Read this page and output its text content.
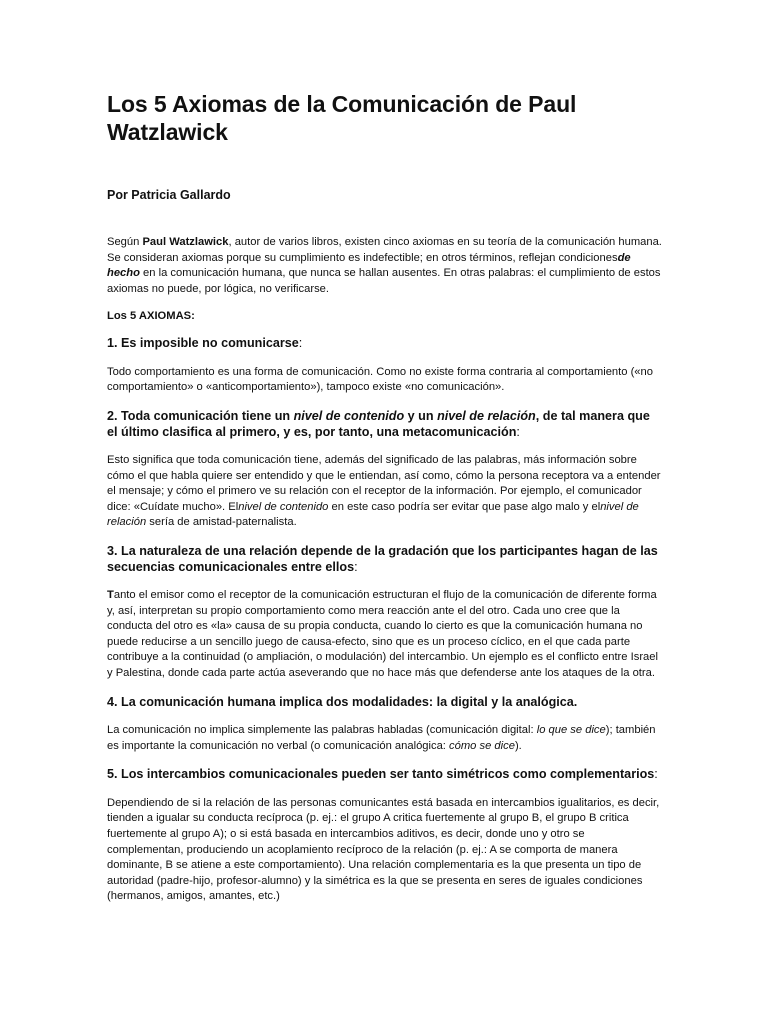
Los 5 Axiomas de la Comunicación de Paul Watzlawick
Por Patricia Gallardo

Según Paul Watzlawick, autor de varios libros, existen cinco axiomas en su teoría de la comunicación humana. Se consideran axiomas porque su cumplimiento es indefectible; en otros términos, reflejan condicionesde hecho en la comunicación humana, que nunca se hallan ausentes. En otras palabras: el cumplimiento de estos axiomas no puede, por lógica, no verificarse.

Los 5 AXIOMAS:
1. Es imposible no comunicarse:

Todo comportamiento es una forma de comunicación. Como no existe forma contraria al comportamiento («no comportamiento» o «anticomportamiento»), tampoco existe «no comunicación».

2. Toda comunicación tiene un nivel de contenido y un nivel de relación, de tal manera que el último clasifica al primero, y es, por tanto, una metacomunicación:

Esto significa que toda comunicación tiene, además del significado de las palabras, más información sobre cómo el que habla quiere ser entendido y que le entiendan, así como, cómo la persona receptora va a entender el mensaje; y cómo el primero ve su relación con el receptor de la información. Por ejemplo, el comunicador dice: «Cuídate mucho». Elnivel de contenido en este caso podría ser evitar que pase algo malo y elnivel de relación sería de amistad-paternalista.

3. La naturaleza de una relación depende de la gradación que los participantes hagan de las secuencias comunicacionales entre ellos:

Tanto el emisor como el receptor de la comunicación estructuran el flujo de la comunicación de diferente forma y, así, interpretan su propio comportamiento como mera reacción ante el del otro. Cada uno cree que la conducta del otro es «la» causa de su propia conducta, cuando lo cierto es que la comunicación humana no puede reducirse a un sencillo juego de causa-efecto, sino que es un proceso cíclico, en el que cada parte contribuye a la continuidad (o ampliación, o modulación) del intercambio. Un ejemplo es el conflicto entre Israel y Palestina, donde cada parte actúa aseverando que no hace más que defenderse ante los ataques de la otra.

4. La comunicación humana implica dos modalidades: la digital y la analógica.

La comunicación no implica simplemente las palabras habladas (comunicación digital: lo que se dice); también es importante la comunicación no verbal (o comunicación analógica: cómo se dice).

5. Los intercambios comunicacionales pueden ser tanto simétricos como complementarios:

Dependiendo de si la relación de las personas comunicantes está basada en intercambios igualitarios, es decir, tienden a igualar su conducta recíproca (p. ej.: el grupo A critica fuertemente al grupo B, el grupo B critica fuertemente al grupo A); o si está basada en intercambios aditivos, es decir, donde uno y otro se complementan, produciendo un acoplamiento recíproco de la relación (p. ej.: A se comporta de manera dominante, B se atiene a este comportamiento). Una relación complementaria es la que presenta un tipo de autoridad (padre-hijo, profesor-alumno) y la simétrica es la que se presenta en seres de iguales condiciones (hermanos, amigos, amantes, etc.)
